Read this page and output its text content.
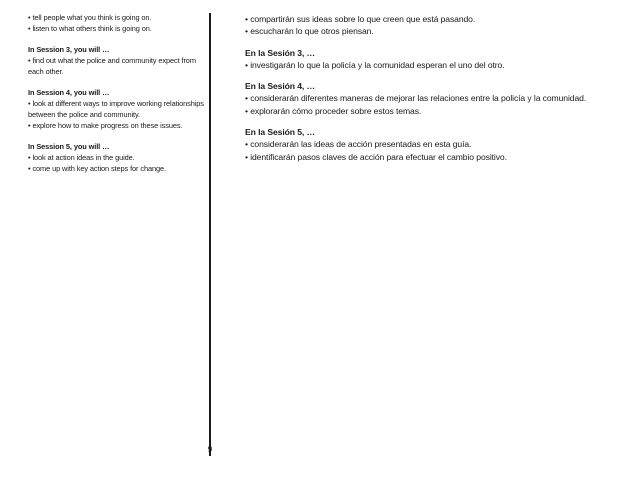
• tell people what you think is going on.
• listen to what others think is going on.
In Session 3, you will …
• find out what the police and community expect from each other.
In Session 4, you will …
• look at different ways to improve working relationships between the police and community.
• explore how to make progress on these issues.
In Session 5, you will …
• look at action ideas in the guide.
• come up with key action steps for change.
• compartirán sus ideas sobre lo que creen que está pasando.
• escucharán lo que otros piensan.
En la Sesión 3, …
• investigarán lo que la policía y la comunidad esperan el uno del otro.
En la Sesión 4, …
• considerarán diferentes maneras de mejorar las relaciones entre la policía y la comunidad.
• explorarán cómo proceder sobre estos temas.
En la Sesión 5, …
• considerarán las ideas de acción presentadas en esta guía.
• identificarán pasos claves de acción para efectuar el cambio positivo.
9
